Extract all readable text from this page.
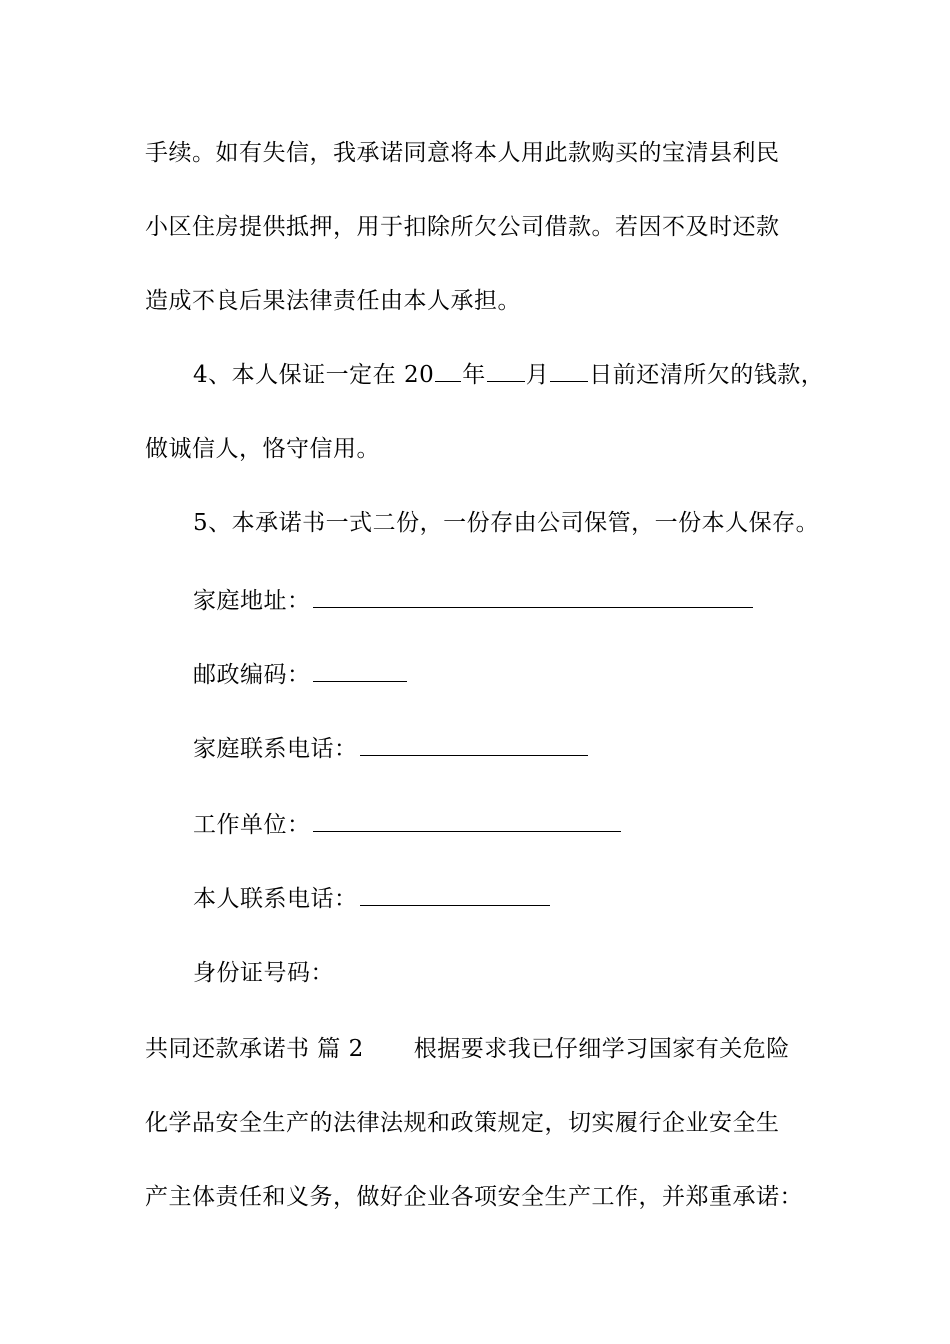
手续。如有失信，我承诺同意将本人用此款购买的宝清县利民
小区住房提供抵押，用于扣除所欠公司借款。若因不及时还款
造成不良后果法律责任由本人承担。
4、本人保证一定在 20 年 月 日前还清所欠的钱款，
做诚信人，恪守信用。
5、本承诺书一式二份，一份存由公司保管，一份本人保存。
家庭地址：
邮政编码：
家庭联系电话：
工作单位：
本人联系电话：
身份证号码：
共同还款承诺书 篇 2 根据要求我已仔细学习国家有关危险
化学品安全生产的法律法规和政策规定，切实履行企业安全生
产主体责任和义务，做好企业各项安全生产工作，并郑重承诺：
